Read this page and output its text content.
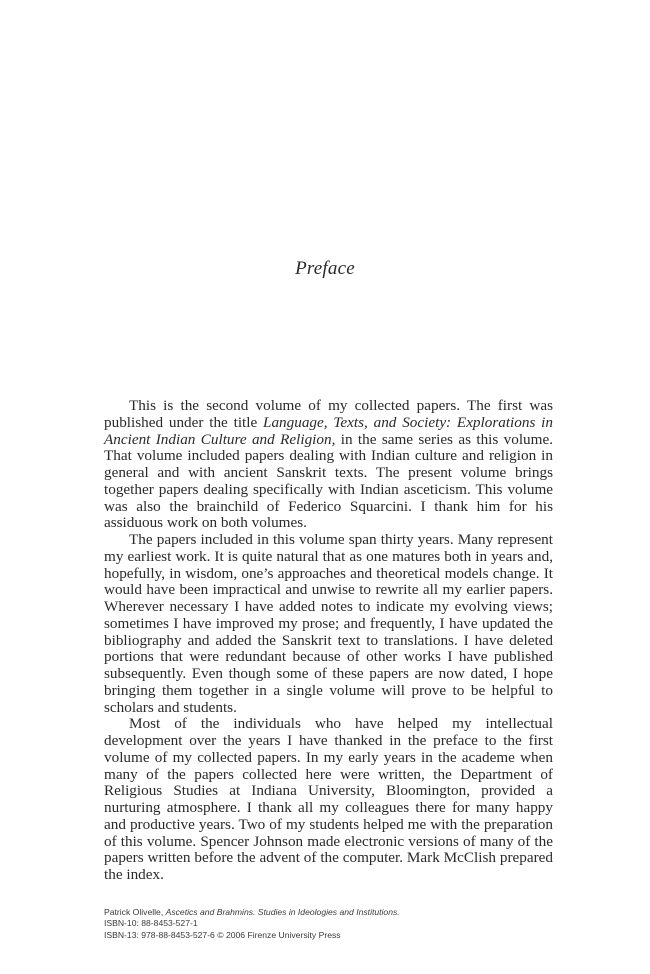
Preface

This is the second volume of my collected papers. The first was published under the title Language, Texts, and Society: Explorations in Ancient Indian Culture and Religion, in the same series as this volume. That volume included papers dealing with Indian culture and religion in general and with ancient Sanskrit texts. The present volume brings together papers dealing specifically with Indian asceticism. This volume was also the brainchild of Federico Squarcini. I thank him for his assiduous work on both volumes.

The papers included in this volume span thirty years. Many represent my earliest work. It is quite natural that as one matures both in years and, hopefully, in wisdom, one’s approaches and theoretical models change. It would have been impractical and unwise to rewrite all my earlier papers. Wherever necessary I have added notes to indicate my evolving views; sometimes I have improved my prose; and frequently, I have updated the bibliography and added the Sanskrit text to translations. I have deleted portions that were redundant because of other works I have published subsequently. Even though some of these papers are now dated, I hope bringing them together in a single volume will prove to be helpful to scholars and students.

Most of the individuals who have helped my intellectual development over the years I have thanked in the preface to the first volume of my collected papers. In my early years in the academe when many of the papers collected here were written, the Department of Religious Studies at Indiana University, Bloomington, provided a nurturing atmosphere. I thank all my colleagues there for many happy and productive years. Two of my students helped me with the preparation of this volume. Spencer Johnson made electronic versions of many of the papers written before the advent of the computer. Mark McClish prepared the index.

Patrick Olivelle, Ascetics and Brahmins. Studies in Ideologies and Institutions.
ISBN-10: 88-8453-527-1
ISBN-13: 978-88-8453-527-6 © 2006 Firenze University Press
